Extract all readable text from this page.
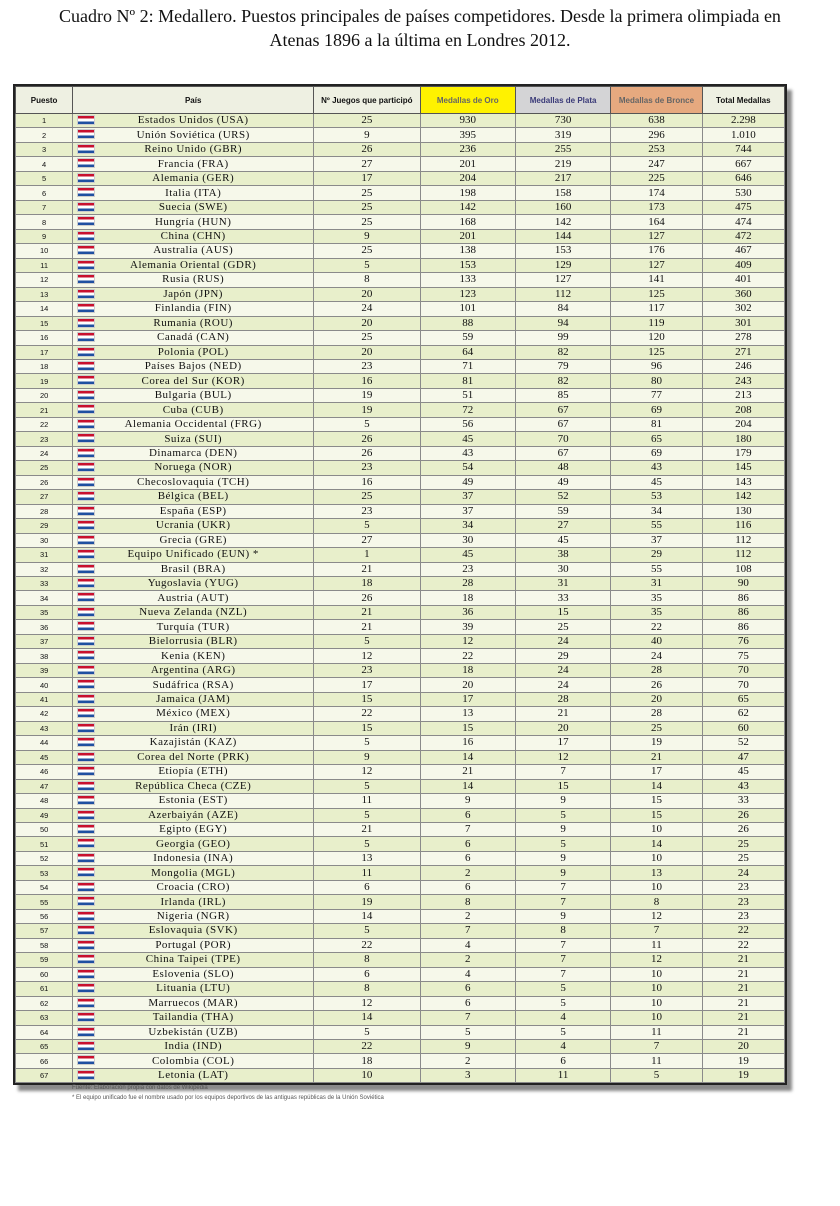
Cuadro Nº 2: Medallero. Puestos principales de países competidores. Desde la primera olimpiada en
Atenas 1896 a la última en Londres 2012.
Puesto	País	Nº Juegos que participó	Medallas de Oro	Medallas de Plata	Medallas de Bronce	Total Medallas
1	Estados Unidos (USA)	25	930	730	638	2.298
2	Unión Soviética (URS)	9	395	319	296	1.010
3	Reino Unido (GBR)	26	236	255	253	744
4	Francia (FRA)	27	201	219	247	667
5	Alemania (GER)	17	204	217	225	646
6	Italia (ITA)	25	198	158	174	530
7	Suecia (SWE)	25	142	160	173	475
8	Hungría (HUN)	25	168	142	164	474
9	China (CHN)	9	201	144	127	472
10	Australia (AUS)	25	138	153	176	467
11	Alemania Oriental (GDR)	5	153	129	127	409
12	Rusia (RUS)	8	133	127	141	401
13	Japón (JPN)	20	123	112	125	360
14	Finlandia (FIN)	24	101	84	117	302
15	Rumania (ROU)	20	88	94	119	301
16	Canadá (CAN)	25	59	99	120	278
17	Polonia (POL)	20	64	82	125	271
18	Países Bajos (NED)	23	71	79	96	246
19	Corea del Sur (KOR)	16	81	82	80	243
20	Bulgaria (BUL)	19	51	85	77	213
21	Cuba (CUB)	19	72	67	69	208
22	Alemania Occidental (FRG)	5	56	67	81	204
23	Suiza (SUI)	26	45	70	65	180
24	Dinamarca (DEN)	26	43	67	69	179
25	Noruega (NOR)	23	54	48	43	145
26	Checoslovaquia (TCH)	16	49	49	45	143
27	Bélgica (BEL)	25	37	52	53	142
28	España (ESP)	23	37	59	34	130
29	Ucrania (UKR)	5	34	27	55	116
30	Grecia (GRE)	27	30	45	37	112
31	Equipo Unificado (EUN) *	1	45	38	29	112
32	Brasil (BRA)	21	23	30	55	108
33	Yugoslavia (YUG)	18	28	31	31	90
34	Austria (AUT)	26	18	33	35	86
35	Nueva Zelanda (NZL)	21	36	15	35	86
36	Turquía (TUR)	21	39	25	22	86
37	Bielorrusia (BLR)	5	12	24	40	76
38	Kenia (KEN)	12	22	29	24	75
39	Argentina (ARG)	23	18	24	28	70
40	Sudáfrica (RSA)	17	20	24	26	70
41	Jamaica (JAM)	15	17	28	20	65
42	México (MEX)	22	13	21	28	62
43	Irán (IRI)	15	15	20	25	60
44	Kazajistán (KAZ)	5	16	17	19	52
45	Corea del Norte (PRK)	9	14	12	21	47
46	Etiopía (ETH)	12	21	7	17	45
47	República Checa (CZE)	5	14	15	14	43
48	Estonia (EST)	11	9	9	15	33
49	Azerbaiyán (AZE)	5	6	5	15	26
50	Egipto (EGY)	21	7	9	10	26
51	Georgia (GEO)	5	6	5	14	25
52	Indonesia (INA)	13	6	9	10	25
53	Mongolia (MGL)	11	2	9	13	24
54	Croacia (CRO)	6	6	7	10	23
55	Irlanda (IRL)	19	8	7	8	23
56	Nigeria (NGR)	14	2	9	12	23
57	Eslovaquia (SVK)	5	7	8	7	22
58	Portugal (POR)	22	4	7	11	22
59	China Taipei (TPE)	8	2	7	12	21
60	Eslovenia (SLO)	6	4	7	10	21
61	Lituania (LTU)	8	6	5	10	21
62	Marruecos (MAR)	12	6	5	10	21
63	Tailandia (THA)	14	7	4	10	21
64	Uzbekistán (UZB)	5	5	5	11	21
65	India (IND)	22	9	4	7	20
66	Colombia (COL)	18	2	6	11	19
67	Letonia (LAT)	10	3	11	5	19
Fuente: Elaboración propia con datos de Wikipedia
* El equipo unificado fue el nombre usado por los equipos deportivos de las antiguas repúblicas de la Unión Soviética
